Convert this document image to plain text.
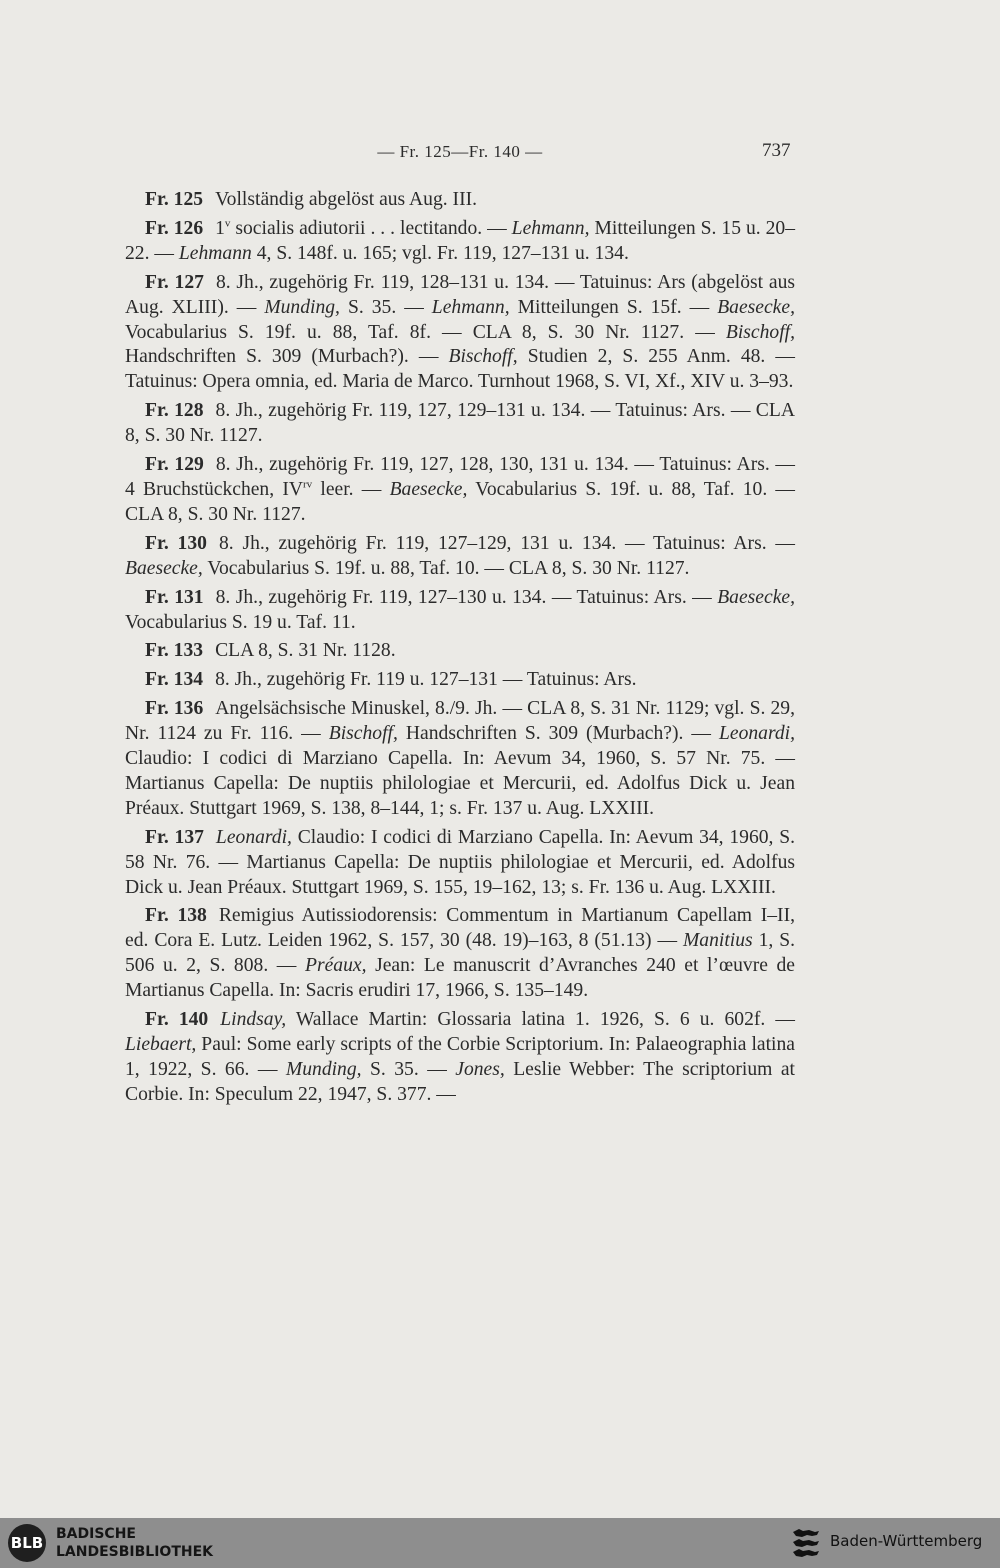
— Fr. 125—Fr. 140 —	737

Fr. 125 Vollständig abgelöst aus Aug. III.

Fr. 126 1$^v$ socialis adiutorii . . . lectitando. — Lehmann, Mitteilungen S. 15 u. 20–22. — Lehmann 4, S. 148f. u. 165; vgl. Fr. 119, 127–131 u. 134.

Fr. 127 8. Jh., zugehörig Fr. 119, 128–131 u. 134. — Tatuinus: Ars (abgelöst aus Aug. XLIII). — Munding, S. 35. — Lehmann, Mitteilungen S. 15f. — Baesecke, Vocabularius S. 19f. u. 88, Taf. 8f. — CLA 8, S. 30 Nr. 1127. — Bischoff, Handschriften S. 309 (Murbach?). — Bischoff, Studien 2, S. 255 Anm. 48. — Tatuinus: Opera omnia, ed. Maria de Marco. Turnhout 1968, S. VI, Xf., XIV u. 3–93.

Fr. 128 8. Jh., zugehörig Fr. 119, 127, 129–131 u. 134. — Tatuinus: Ars. — CLA 8, S. 30 Nr. 1127.

Fr. 129 8. Jh., zugehörig Fr. 119, 127, 128, 130, 131 u. 134. — Tatuinus: Ars. — 4 Bruchstückchen, $IV^{rv}$ leer. — Baesecke, Vocabularius S. 19f. u. 88, Taf. 10. — CLA 8, S. 30 Nr. 1127.

Fr. 130 8. Jh., zugehörig Fr. 119, 127–129, 131 u. 134. — Tatuinus: Ars. — Baesecke, Vocabularius S. 19f. u. 88, Taf. 10. — CLA 8, S. 30 Nr. 1127.

Fr. 131 8. Jh., zugehörig Fr. 119, 127–130 u. 134. — Tatuinus: Ars. — Baesecke, Vocabularius S. 19 u. Taf. 11.

Fr. 133 CLA 8, S. 31 Nr. 1128.

Fr. 134 8. Jh., zugehörig Fr. 119 u. 127–131 — Tatuinus: Ars.

Fr. 136 Angelsächsische Minuskel, 8./9. Jh. — CLA 8, S. 31 Nr. 1129; vgl. S. 29, Nr. 1124 zu Fr. 116. — Bischoff, Handschriften S. 309 (Murbach?). — Leonardi, Claudio: I codici di Marziano Capella. In: Aevum 34, 1960, S. 57 Nr. 75. — Martianus Capella: De nuptiis philologiae et Mercurii, ed. Adolfus Dick u. Jean Préaux. Stuttgart 1969, S. 138, 8–144, 1; s. Fr. 137 u. Aug. LXXIII.

Fr. 137 Leonardi, Claudio: I codici di Marziano Capella. In: Aevum 34, 1960, S. 58 Nr. 76. — Martianus Capella: De nuptiis philologiae et Mercurii, ed. Adolfus Dick u. Jean Préaux. Stuttgart 1969, S. 155, 19–162, 13; s. Fr. 136 u. Aug. LXXIII.

Fr. 138 Remigius Autissiodorensis: Commentum in Martianum Capellam I–II, ed. Cora E. Lutz. Leiden 1962, S. 157, 30 (48. 19)–163, 8 (51.13) — Manitius 1, S. 506 u. 2, S. 808. — Préaux, Jean: Le manuscrit d’Avranches 240 et l’œuvre de Martianus Capella. In: Sacris erudiri 17, 1966, S. 135–149.

Fr. 140 Lindsay, Wallace Martin: Glossaria latina 1. 1926, S. 6 u. 602f. — Liebaert, Paul: Some early scripts of the Corbie Scriptorium. In: Palaeographia latina 1, 1922, S. 66. — Munding, S. 35. — Jones, Leslie Webber: The scriptorium at Corbie. In: Speculum 22, 1947, S. 377. —

BLB BADISCHE
LANDESBIBLIOTHEK
Baden-Württemberg
